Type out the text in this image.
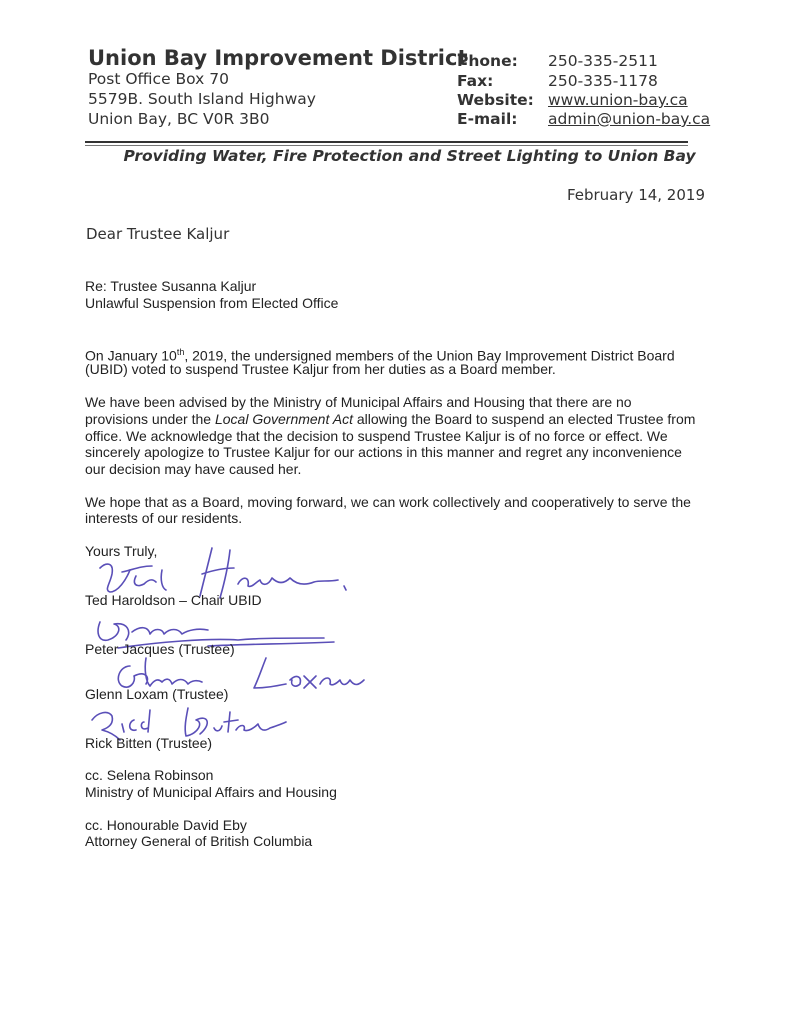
Union Bay Improvement District
Post Office Box 70
5579B. South Island Highway
Union Bay, BC V0R 3B0
Phone: 250-335-2511
Fax:	250-335-1178
Website: www.union-bay.ca
E-mail: admin@union-bay.ca
Providing Water, Fire Protection and Street Lighting to Union Bay
February 14, 2019
Dear Trustee Kaljur
Re: Trustee Susanna Kaljur
Unlawful Suspension from Elected Office
On January 10th, 2019, the undersigned members of the Union Bay Improvement District Board
(UBID) voted to suspend Trustee Kaljur from her duties as a Board member.
We have been advised by the Ministry of Municipal Affairs and Housing that there are no
provisions under the Local Government Act allowing the Board to suspend an elected Trustee from
office. We acknowledge that the decision to suspend Trustee Kaljur is of no force or effect. We
sincerely apologize to Trustee Kaljur for our actions in this manner and regret any inconvenience
our decision may have caused her.
We hope that as a Board, moving forward, we can work collectively and cooperatively to serve the
interests of our residents.
Yours Truly,
Ted Haroldson – Chair UBID
Peter Jacques (Trustee)
Glenn Loxam (Trustee)
Rick Bitten (Trustee)
cc. Selena Robinson
Ministry of Municipal Affairs and Housing
cc. Honourable David Eby
Attorney General of British Columbia
